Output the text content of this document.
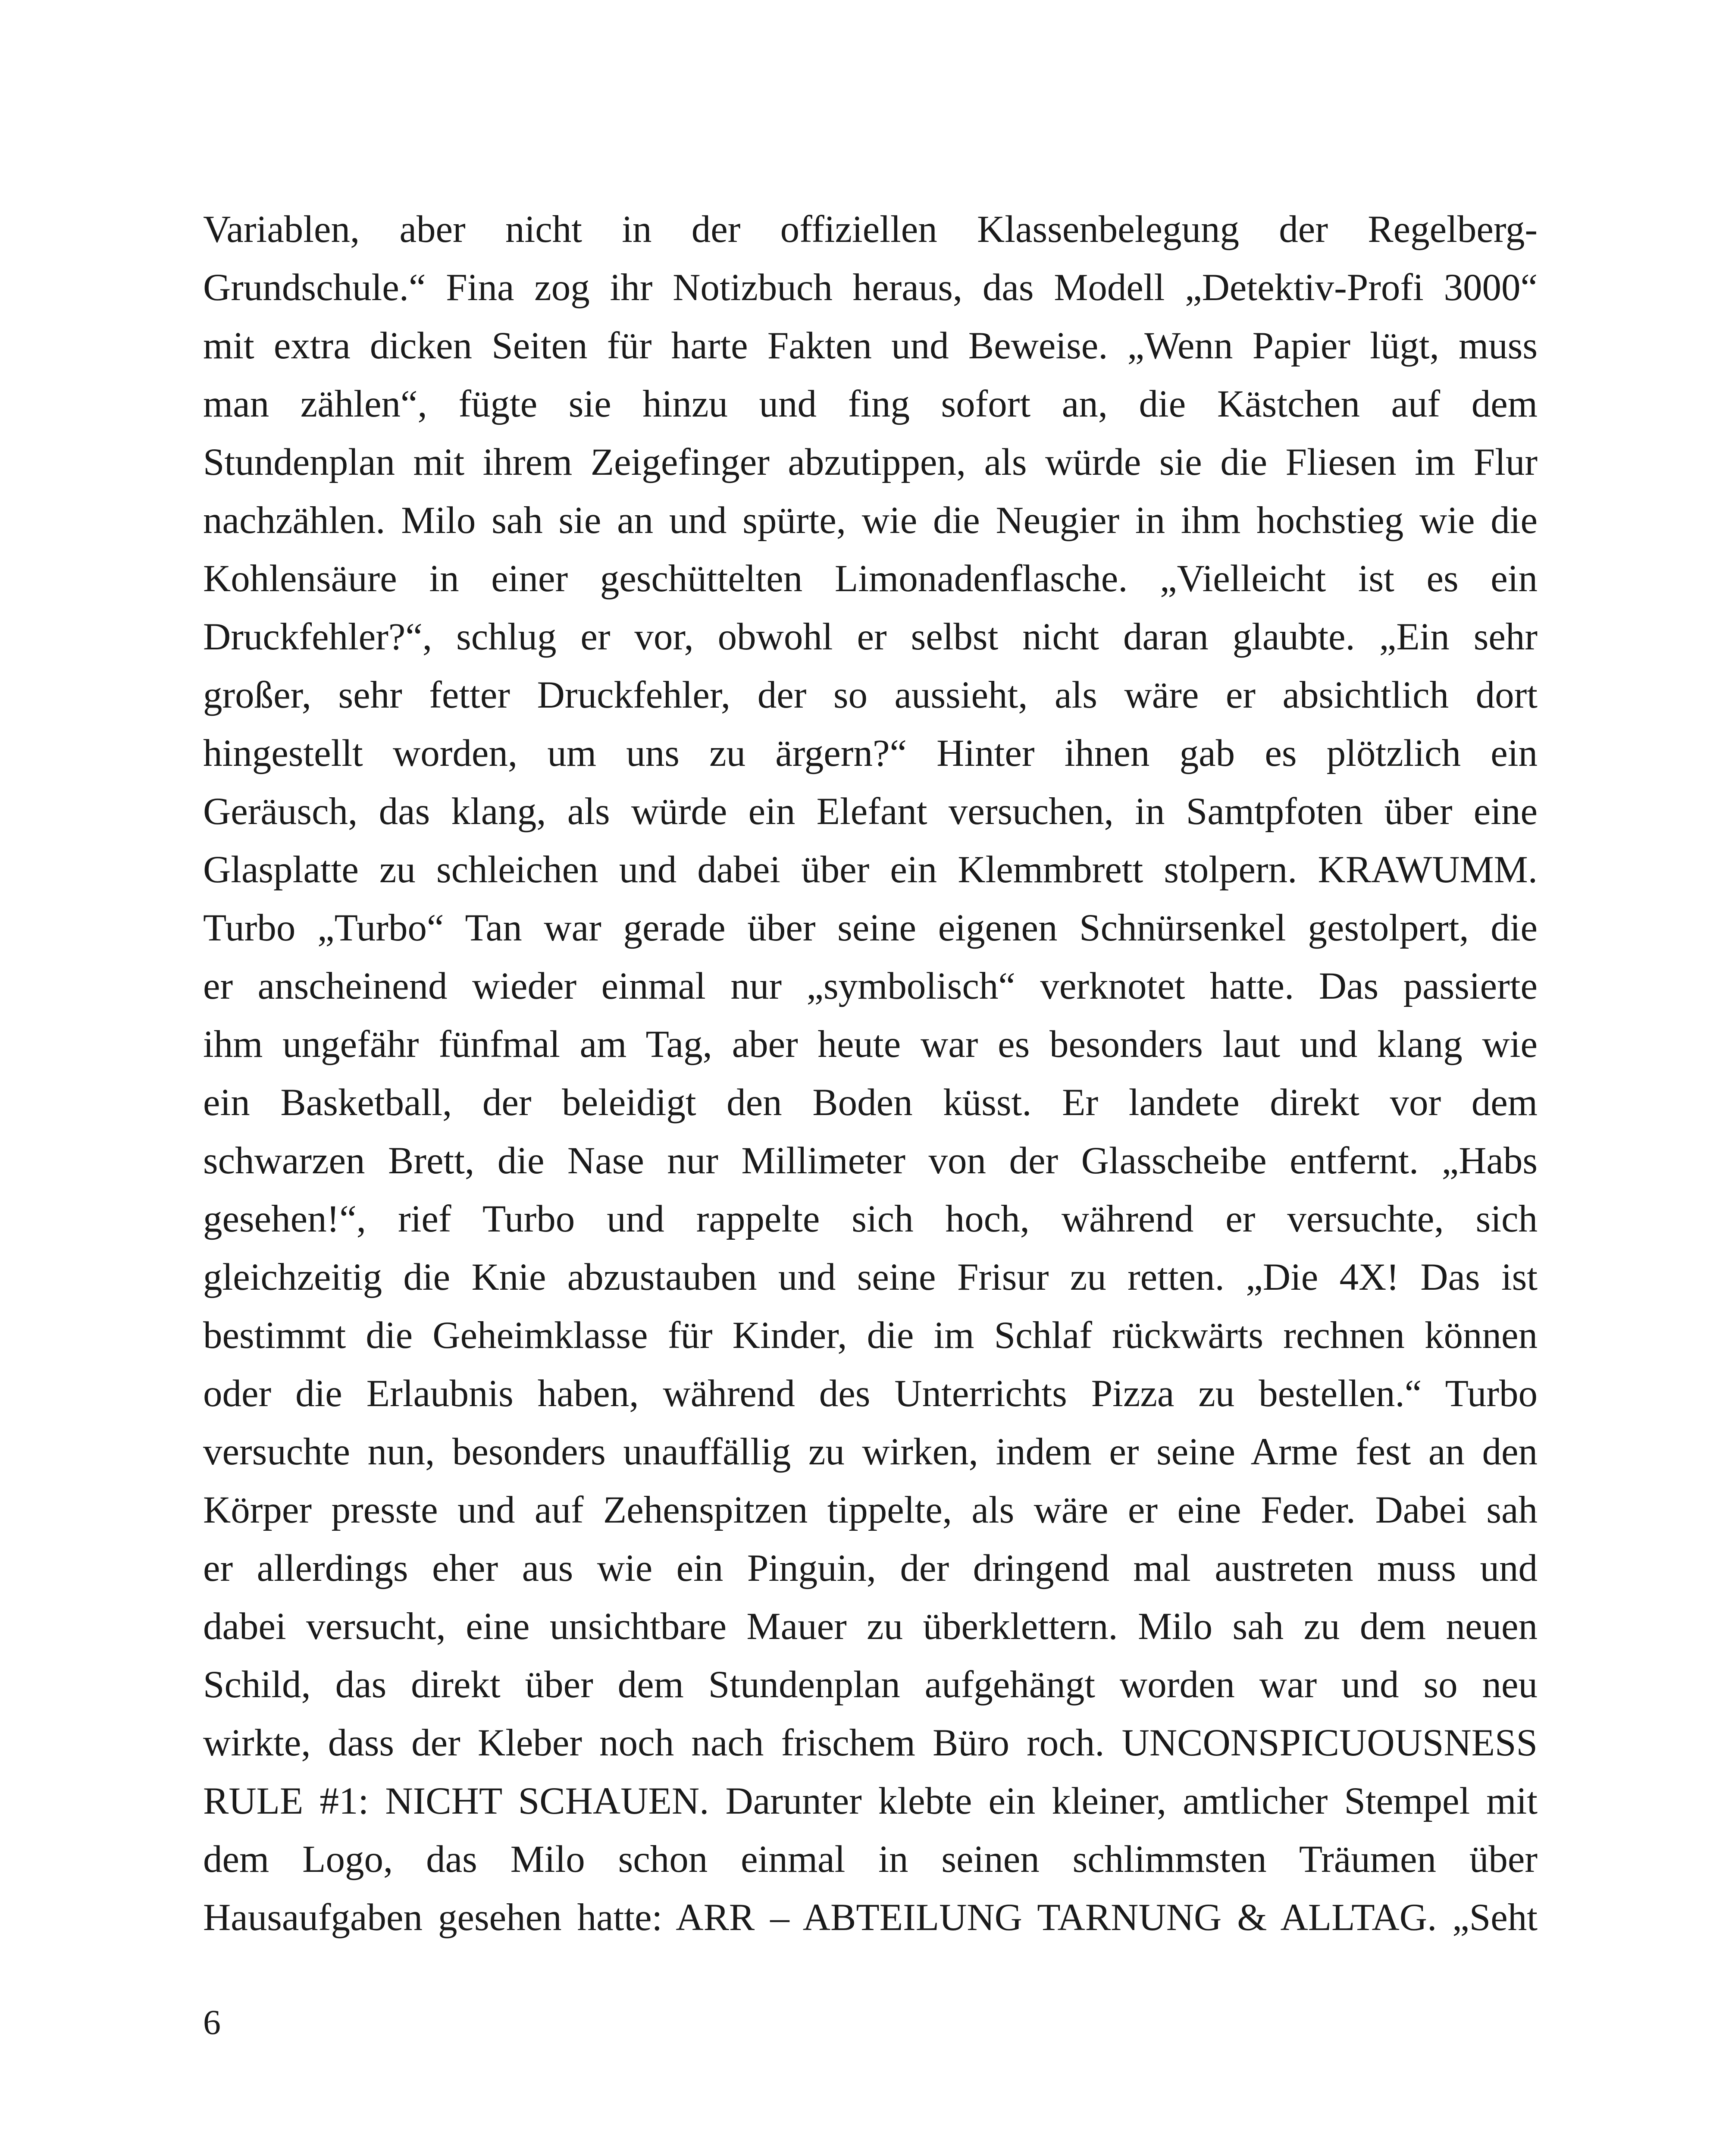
Variablen, aber nicht in der offiziellen Klassenbelegung der Regelberg-
Grundschule.“ Fina zog ihr Notizbuch heraus, das Modell „Detektiv-Profi 3000“
mit extra dicken Seiten für harte Fakten und Beweise. „Wenn Papier lügt, muss
man zählen“, fügte sie hinzu und fing sofort an, die Kästchen auf dem
Stundenplan mit ihrem Zeigefinger abzutippen, als würde sie die Fliesen im Flur
nachzählen. Milo sah sie an und spürte, wie die Neugier in ihm hochstieg wie die
Kohlensäure in einer geschüttelten Limonadenflasche. „Vielleicht ist es ein
Druckfehler?“, schlug er vor, obwohl er selbst nicht daran glaubte. „Ein sehr
großer, sehr fetter Druckfehler, der so aussieht, als wäre er absichtlich dort
hingestellt worden, um uns zu ärgern?“ Hinter ihnen gab es plötzlich ein
Geräusch, das klang, als würde ein Elefant versuchen, in Samtpfoten über eine
Glasplatte zu schleichen und dabei über ein Klemmbrett stolpern. KRAWUMM.
Turbo „Turbo“ Tan war gerade über seine eigenen Schnürsenkel gestolpert, die
er anscheinend wieder einmal nur „symbolisch“ verknotet hatte. Das passierte
ihm ungefähr fünfmal am Tag, aber heute war es besonders laut und klang wie
ein Basketball, der beleidigt den Boden küsst. Er landete direkt vor dem
schwarzen Brett, die Nase nur Millimeter von der Glasscheibe entfernt. „Habs
gesehen!“, rief Turbo und rappelte sich hoch, während er versuchte, sich
gleichzeitig die Knie abzustauben und seine Frisur zu retten. „Die 4X! Das ist
bestimmt die Geheimklasse für Kinder, die im Schlaf rückwärts rechnen können
oder die Erlaubnis haben, während des Unterrichts Pizza zu bestellen.“ Turbo
versuchte nun, besonders unauffällig zu wirken, indem er seine Arme fest an den
Körper presste und auf Zehenspitzen tippelte, als wäre er eine Feder. Dabei sah
er allerdings eher aus wie ein Pinguin, der dringend mal austreten muss und
dabei versucht, eine unsichtbare Mauer zu überklettern. Milo sah zu dem neuen
Schild, das direkt über dem Stundenplan aufgehängt worden war und so neu
wirkte, dass der Kleber noch nach frischem Büro roch. UNCONSPICUOUSNESS
RULE #1: NICHT SCHAUEN. Darunter klebte ein kleiner, amtlicher Stempel mit
dem Logo, das Milo schon einmal in seinen schlimmsten Träumen über
Hausaufgaben gesehen hatte: ARR – ABTEILUNG TARNUNG & ALLTAG. „Seht
6
